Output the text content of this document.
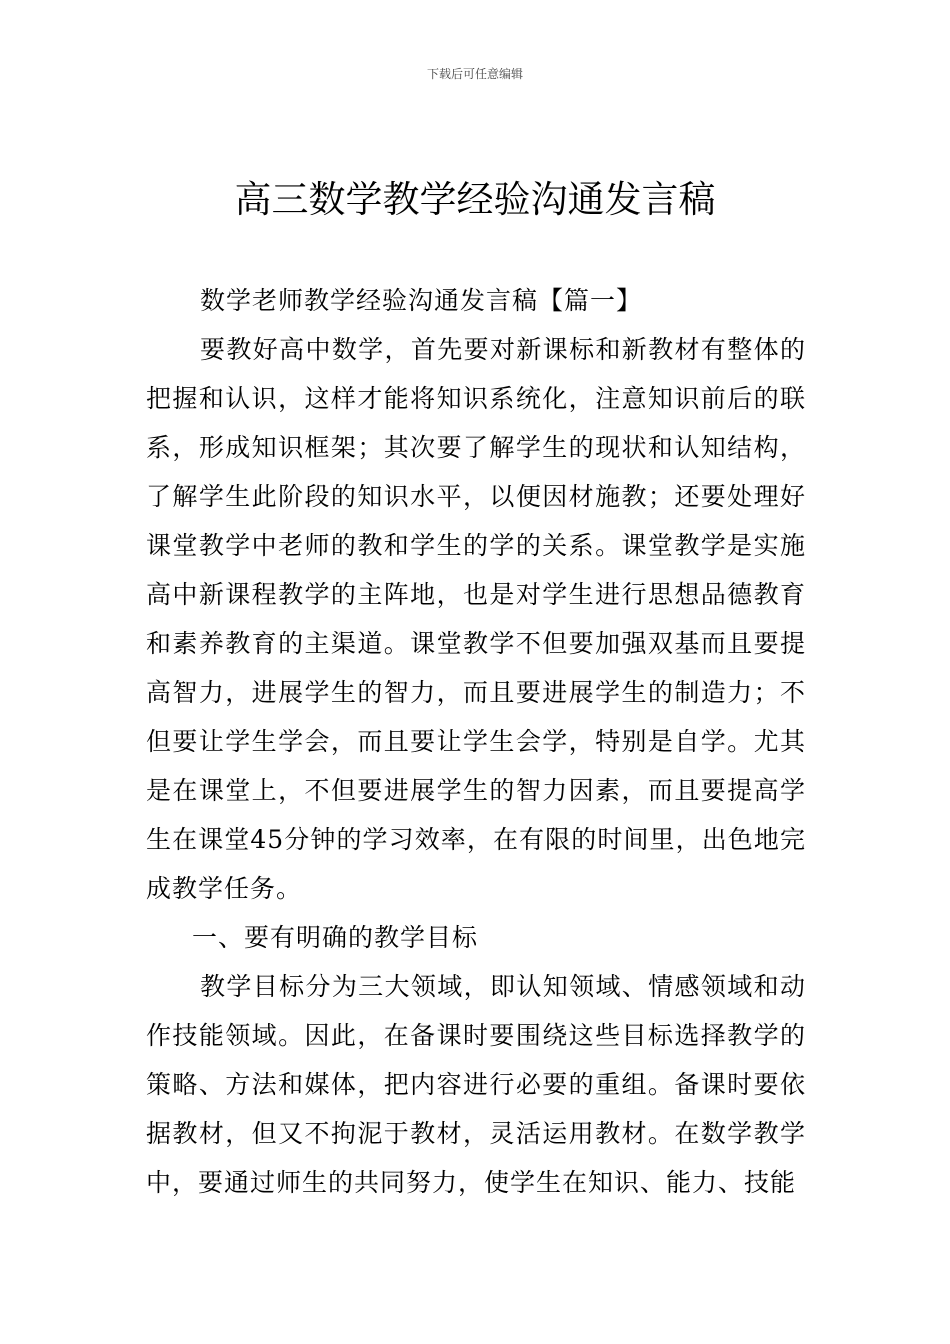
下载后可任意编辑
高三数学教学经验沟通发言稿

数学老师教学经验沟通发言稿【篇一】

要教好高中数学，首先要对新课标和新教材有整体的把握和认识，这样才能将知识系统化，注意知识前后的联系，形成知识框架；其次要了解学生的现状和认知结构，了解学生此阶段的知识水平，以便因材施教；还要处理好课堂教学中老师的教和学生的学的关系。课堂教学是实施高中新课程教学的主阵地，也是对学生进行思想品德教育和素养教育的主渠道。课堂教学不但要加强双基而且要提高智力，进展学生的智力，而且要进展学生的制造力；不但要让学生学会，而且要让学生会学，特别是自学。尤其是在课堂上，不但要进展学生的智力因素，而且要提高学生在课堂45分钟的学习效率，在有限的时间里，出色地完成教学任务。

一、要有明确的教学目标

教学目标分为三大领域，即认知领域、情感领域和动作技能领域。因此，在备课时要围绕这些目标选择教学的策略、方法和媒体，把内容进行必要的重组。备课时要依据教材，但又不拘泥于教材，灵活运用教材。在数学教学中，要通过师生的共同努力，使学生在知识、能力、技能
